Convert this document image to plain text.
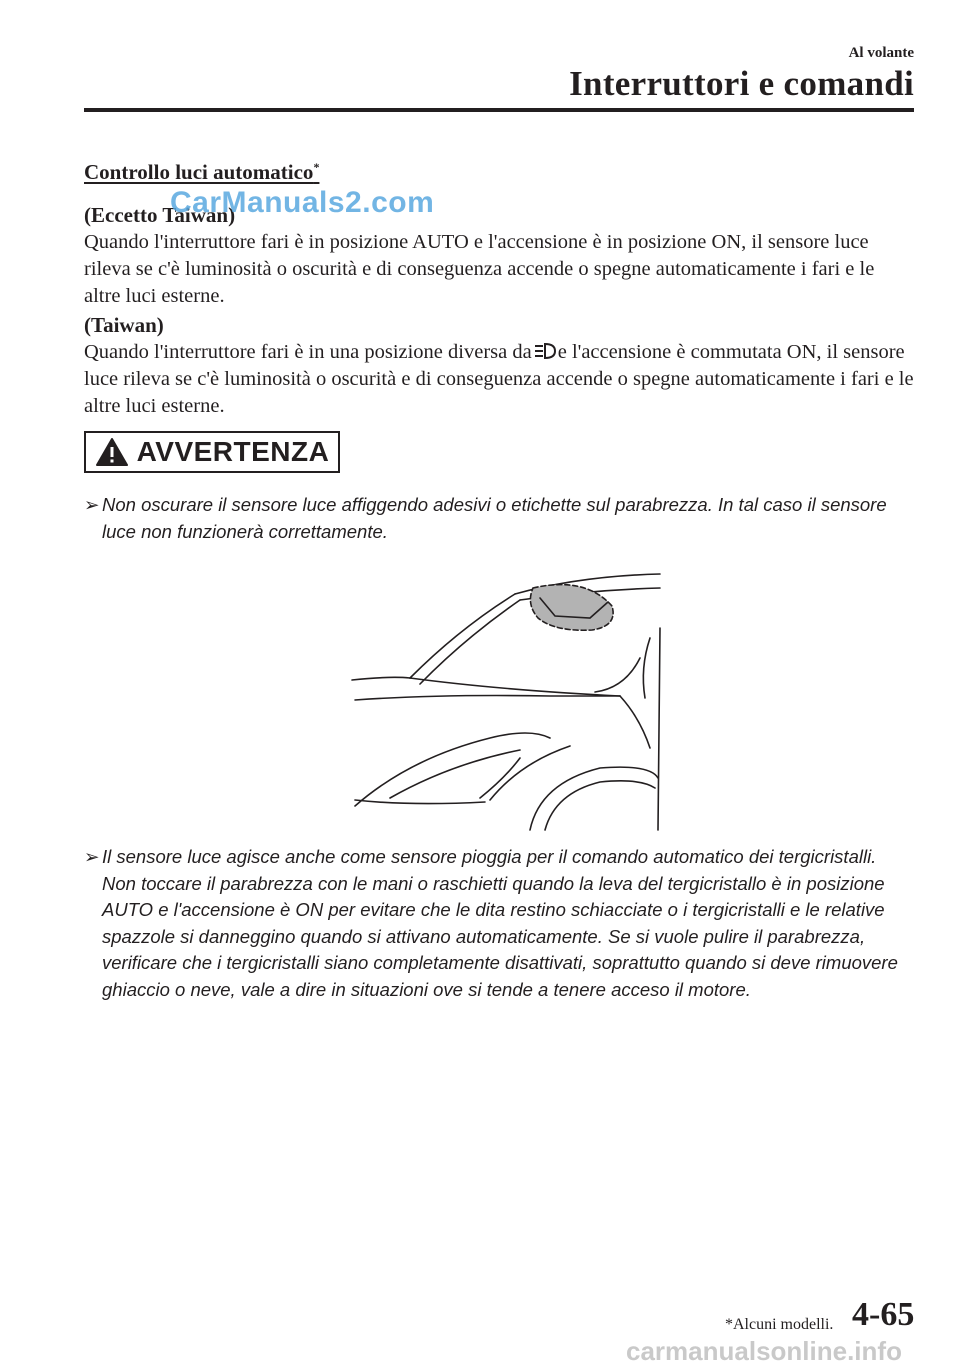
Al volante
Interruttori e comandi
Controllo luci automatico*
(Eccetto Taiwan)
Quando l'interruttore fari è in posizione AUTO e l'accensione è in posizione ON, il sensore luce rileva se c'è luminosità o oscurità e di conseguenza accende o spegne automaticamente i fari e le altre luci esterne.
(Taiwan)
Quando l'interruttore fari è in una posizione diversa da e l'accensione è commutata ON, il sensore luce rileva se c'è luminosità o oscurità e di conseguenza accende o spegne automaticamente i fari e le altre luci esterne.
CarManuals2.com
AVVERTENZA
➢ Non oscurare il sensore luce affiggendo adesivi o etichette sul parabrezza. In tal caso il sensore luce non funzionerà correttamente.
➢ Il sensore luce agisce anche come sensore pioggia per il comando automatico dei tergicristalli. Non toccare il parabrezza con le mani o raschietti quando la leva del tergicristallo è in posizione AUTO e l'accensione è ON per evitare che le dita restino schiacciate o i tergicristalli e le relative spazzole si danneggino quando si attivano automaticamente. Se si vuole pulire il parabrezza, verificare che i tergicristalli siano completamente disattivati, soprattutto quando si deve rimuovere ghiaccio o neve, vale a dire in situazioni ove si tende a tenere acceso il motore.
*Alcuni modelli. 4-65
carmanualsonline.info
